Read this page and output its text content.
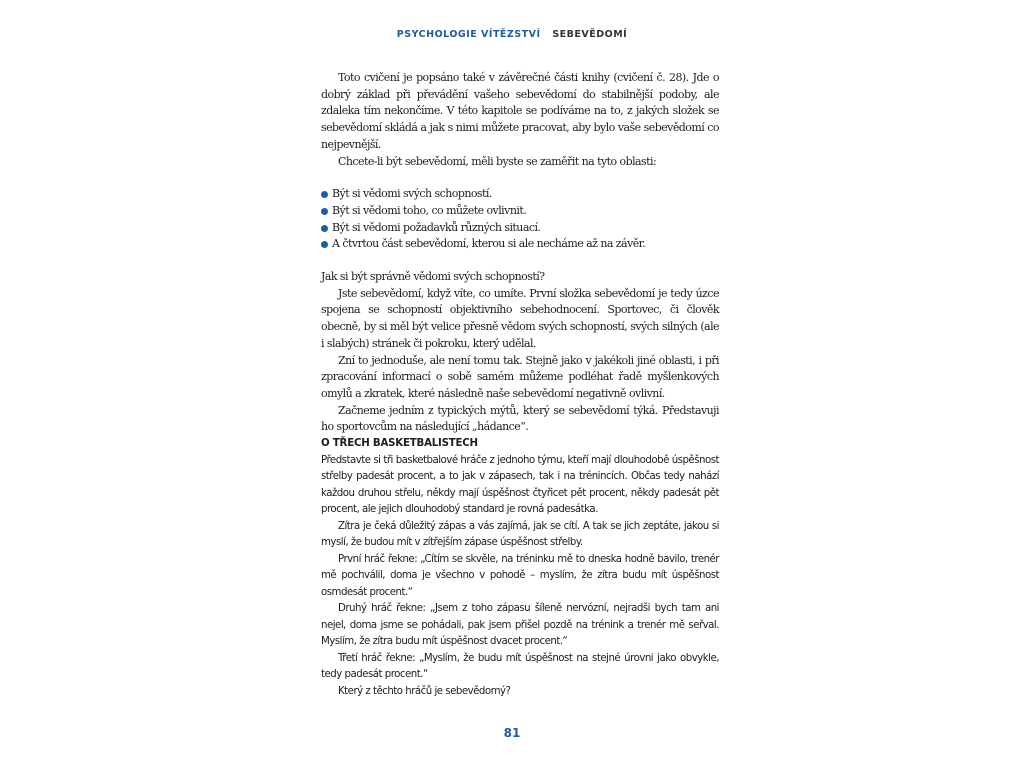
PSYCHOLOGIE VÍTĚZSTVÍ SEBEVĚDOMÍ

Toto cvičení je popsáno také v závěrečné části knihy (cvičení č. 28). Jde o dobrý základ při převádění vašeho sebevědomí do stabilnější podoby, ale zdaleka tím nekončíme. V této kapitole se podíváme na to, z jakých složek se sebevědomí skládá a jak s nimi můžete pracovat, aby bylo vaše sebevědomí co nejpevnější.

Chcete-li být sebevědomí, měli byste se zaměřit na tyto oblasti:

Být si vědomi svých schopností.
Být si vědomi toho, co můžete ovlivnit.
Být si vědomi požadavků různých situací.
A čtvrtou část sebevědomí, kterou si ale necháme až na závěr.

Jak si být správně vědomi svých schopností?

Jste sebevědomí, když víte, co umíte. První složka sebevědomí je tedy úzce spojena se schopností objektivního sebehodnocení. Sportovec, či člověk obecně, by si měl být velice přesně vědom svých schopností, svých silných (ale i slabých) stránek či pokroku, který udělal.

Zní to jednoduše, ale není tomu tak. Stejně jako v jakékoli jiné oblasti, i při zpracování informací o sobě samém můžeme podléhat řadě myšlenkových omylů a zkratek, které následně naše sebevědomí negativně ovlivní.

Začneme jedním z typických mýtů, který se sebevědomí týká. Představuji ho sportovcům na následující „hádance“.

O TŘECH BASKETBALISTECH

Představte si tři basketbalové hráče z jednoho týmu, kteří mají dlouhodobě úspěšnost střelby padesát procent, a to jak v zápasech, tak i na trénincích. Občas tedy nahází každou druhou střelu, někdy mají úspěšnost čtyřicet pět procent, někdy padesát pět procent, ale jejich dlouhodobý standard je rovná padesátka.

Zítra je čeká důležitý zápas a vás zajímá, jak se cítí. A tak se jich zeptáte, jakou si myslí, že budou mít v zítřejším zápase úspěšnost střelby.

První hráč řekne: „Cítím se skvěle, na tréninku mě to dneska hodně bavilo, trenér mě pochválil, doma je všechno v pohodě – myslím, že zítra budu mít úspěšnost osmdesát procent.“

Druhý hráč řekne: „Jsem z toho zápasu šíleně nervózní, nejradši bych tam ani nejel, doma jsme se pohádali, pak jsem přišel pozdě na trénink a trenér mě seřval. Myslím, že zítra budu mít úspěšnost dvacet procent.“

Třetí hráč řekne: „Myslím, že budu mít úspěšnost na stejné úrovni jako obvykle, tedy padesát procent.“

Který z těchto hráčů je sebevědomý?

81
